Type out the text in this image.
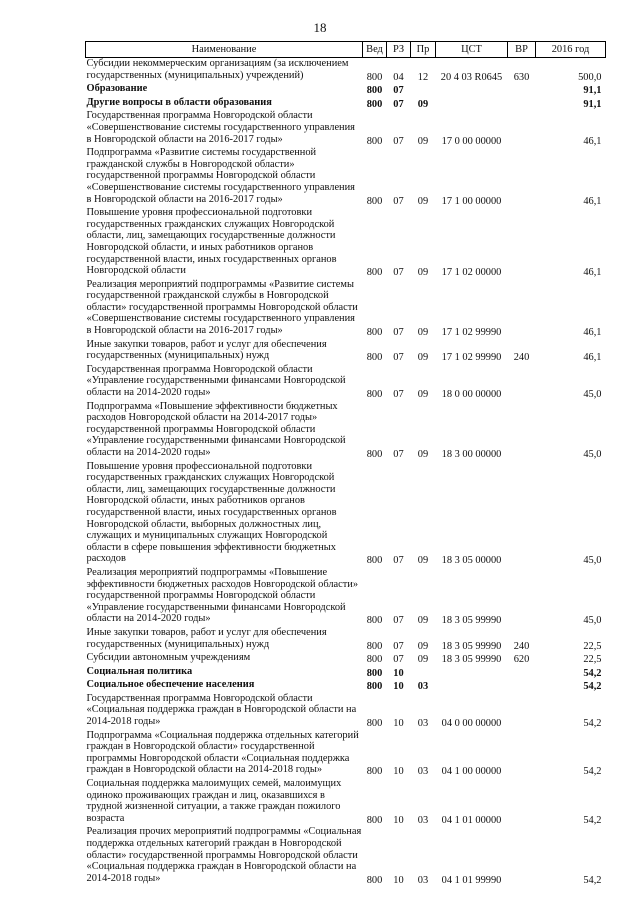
18
Наименование	Вед	РЗ	Пр	ЦСТ	ВР	2016 год
Субсидии некоммерческим организациям (за исключением государственных (муниципальных) учреждений)	800	04	12	20 4 03 R0645	630	500,0
Образование	800	07				91,1
Другие вопросы в области образования	800	07	09			91,1
Государственная программа Новгородской области «Совершенствование системы государственного управления в Новгородской области на 2016-2017 годы»	800	07	09	17 0 00 00000		46,1
Подпрограмма «Развитие системы государственной гражданской службы в Новгородской области» государственной программы Новгородской области «Совершенствование системы государственного управления в Новгородской области на 2016-2017 годы»	800	07	09	17 1 00 00000		46,1
Повышение уровня профессиональной подготовки государственных гражданских служащих Новгородской области, лиц, замещающих государственные должности Новгородской области, и иных работников органов государственной власти, иных государственных органов Новгородской области	800	07	09	17 1 02 00000		46,1
Реализация мероприятий подпрограммы «Развитие системы государственной гражданской службы в Новгородской области» государственной программы Новгородской области «Совершенствование системы государственного управления в Новгородской области на 2016-2017 годы»	800	07	09	17 1 02 99990		46,1
Иные закупки товаров, работ и услуг для обеспечения государственных (муниципальных) нужд	800	07	09	17 1 02 99990	240	46,1
Государственная программа Новгородской области «Управление государственными финансами Новгородской области на 2014-2020 годы»	800	07	09	18 0 00 00000		45,0
Подпрограмма «Повышение эффективности бюджетных расходов Новгородской области на 2014-2017 годы» государственной программы Новгородской области «Управление государственными финансами Новгородской области на 2014-2020 годы»	800	07	09	18 3 00 00000		45,0
Повышение уровня профессиональной подготовки государственных гражданских служащих Новгородской области, лиц, замещающих государственные должности Новгородской области, иных работников органов государственной власти, иных государственных органов Новгородской области, выборных должностных лиц, служащих и муниципальных служащих Новгородской области в сфере повышения эффективности бюджетных расходов	800	07	09	18 3 05 00000		45,0
Реализация мероприятий подпрограммы «Повышение эффективности бюджетных расходов Новгородской области» государственной программы Новгородской области «Управление государственными финансами Новгородской области на 2014-2020 годы»	800	07	09	18 3 05 99990		45,0
Иные закупки товаров, работ и услуг для обеспечения государственных (муниципальных) нужд	800	07	09	18 3 05 99990	240	22,5
Субсидии автономным учреждениям	800	07	09	18 3 05 99990	620	22,5
Социальная политика	800	10				54,2
Социальное обеспечение населения	800	10	03			54,2
Государственная программа Новгородской области «Социальная поддержка граждан в Новгородской области на 2014-2018 годы»	800	10	03	04 0 00 00000		54,2
Подпрограмма «Социальная поддержка отдельных категорий граждан в Новгородской области» государственной программы Новгородской области «Социальная поддержка граждан в Новгородской области на 2014-2018 годы»	800	10	03	04 1 00 00000		54,2
Социальная поддержка малоимущих семей, малоимущих одиноко проживающих граждан и лиц, оказавшихся в трудной жизненной ситуации, а также граждан пожилого возраста	800	10	03	04 1 01 00000		54,2
Реализация прочих мероприятий подпрограммы «Социальная поддержка отдельных категорий граждан в Новгородской области» государственной программы Новгородской области «Социальная поддержка граждан в Новгородской области на 2014-2018 годы»	800	10	03	04 1 01 99990		54,2
